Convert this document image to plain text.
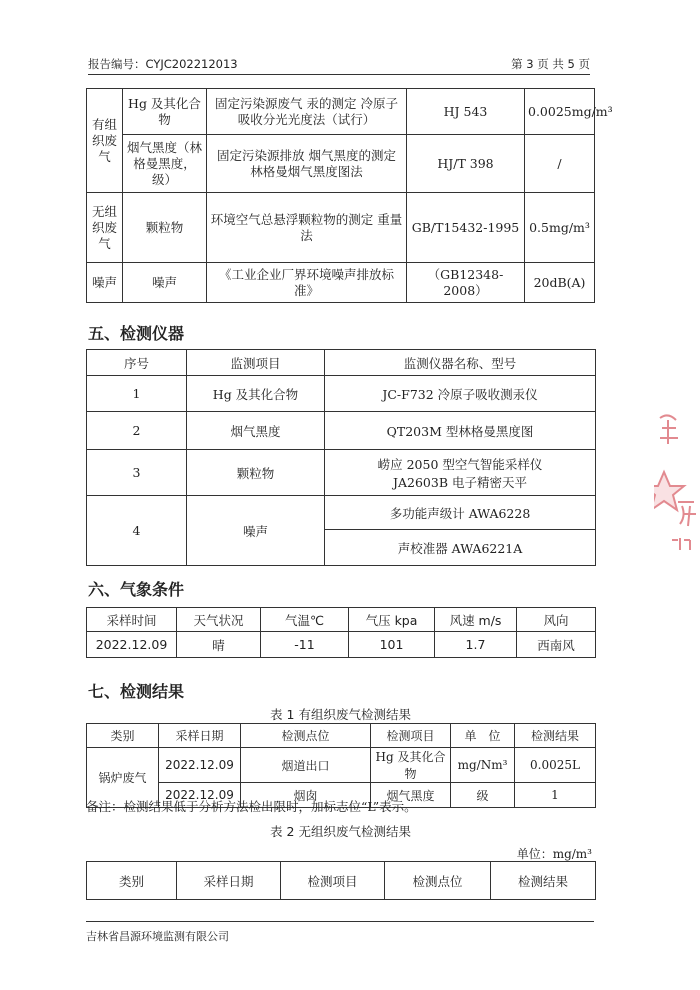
报告编号：CYJC202212013	第 3 页 共 5 页
有组织废气	Hg 及其化合物	固定污染源废气 汞的测定 冷原子吸收分光光度法（试行）	HJ 543	0.0025mg/m³
	烟气黑度（林格曼黑度，级）	固定污染源排放 烟气黑度的测定 林格曼烟气黑度图法	HJ/T 398	/
无组织废气	颗粒物	环境空气总悬浮颗粒物的测定 重量法	GB/T15432-1995	0.5mg/m³
噪声	噪声	《工业企业厂界环境噪声排放标准》	（GB12348-2008）	20dB(A)
五、检测仪器
序号	监测项目	监测仪器名称、型号
1	Hg 及其化合物	JC-F732 冷原子吸收测汞仪
2	烟气黑度	QT203M 型林格曼黑度图
3	颗粒物	崂应 2050 型空气智能采样仪
JA2603B 电子精密天平

4	噪声	多功能声级计 AWA6228
		声校准器 AWA6221A
六、气象条件
采样时间	天气状况	气温℃	气压 kpa	风速 m/s	风向
2022.12.09	晴	-11	101	1.7	西南风
七、检测结果
表 1 有组织废气检测结果
类别	采样日期	检测点位	检测项目	单　位	检测结果
锅炉废气	2022.12.09	烟道出口	Hg 及其化合物	mg/Nm³	0.0025L
	2022.12.09	烟囱	烟气黑度	级	1
备注：检测结果低于分析方法检出限时，加标志位“L”表示。
表 2 无组织废气检测结果
单位：mg/m³
类别	采样日期	检测项目	检测点位	检测结果
吉林省昌源环境监测有限公司
